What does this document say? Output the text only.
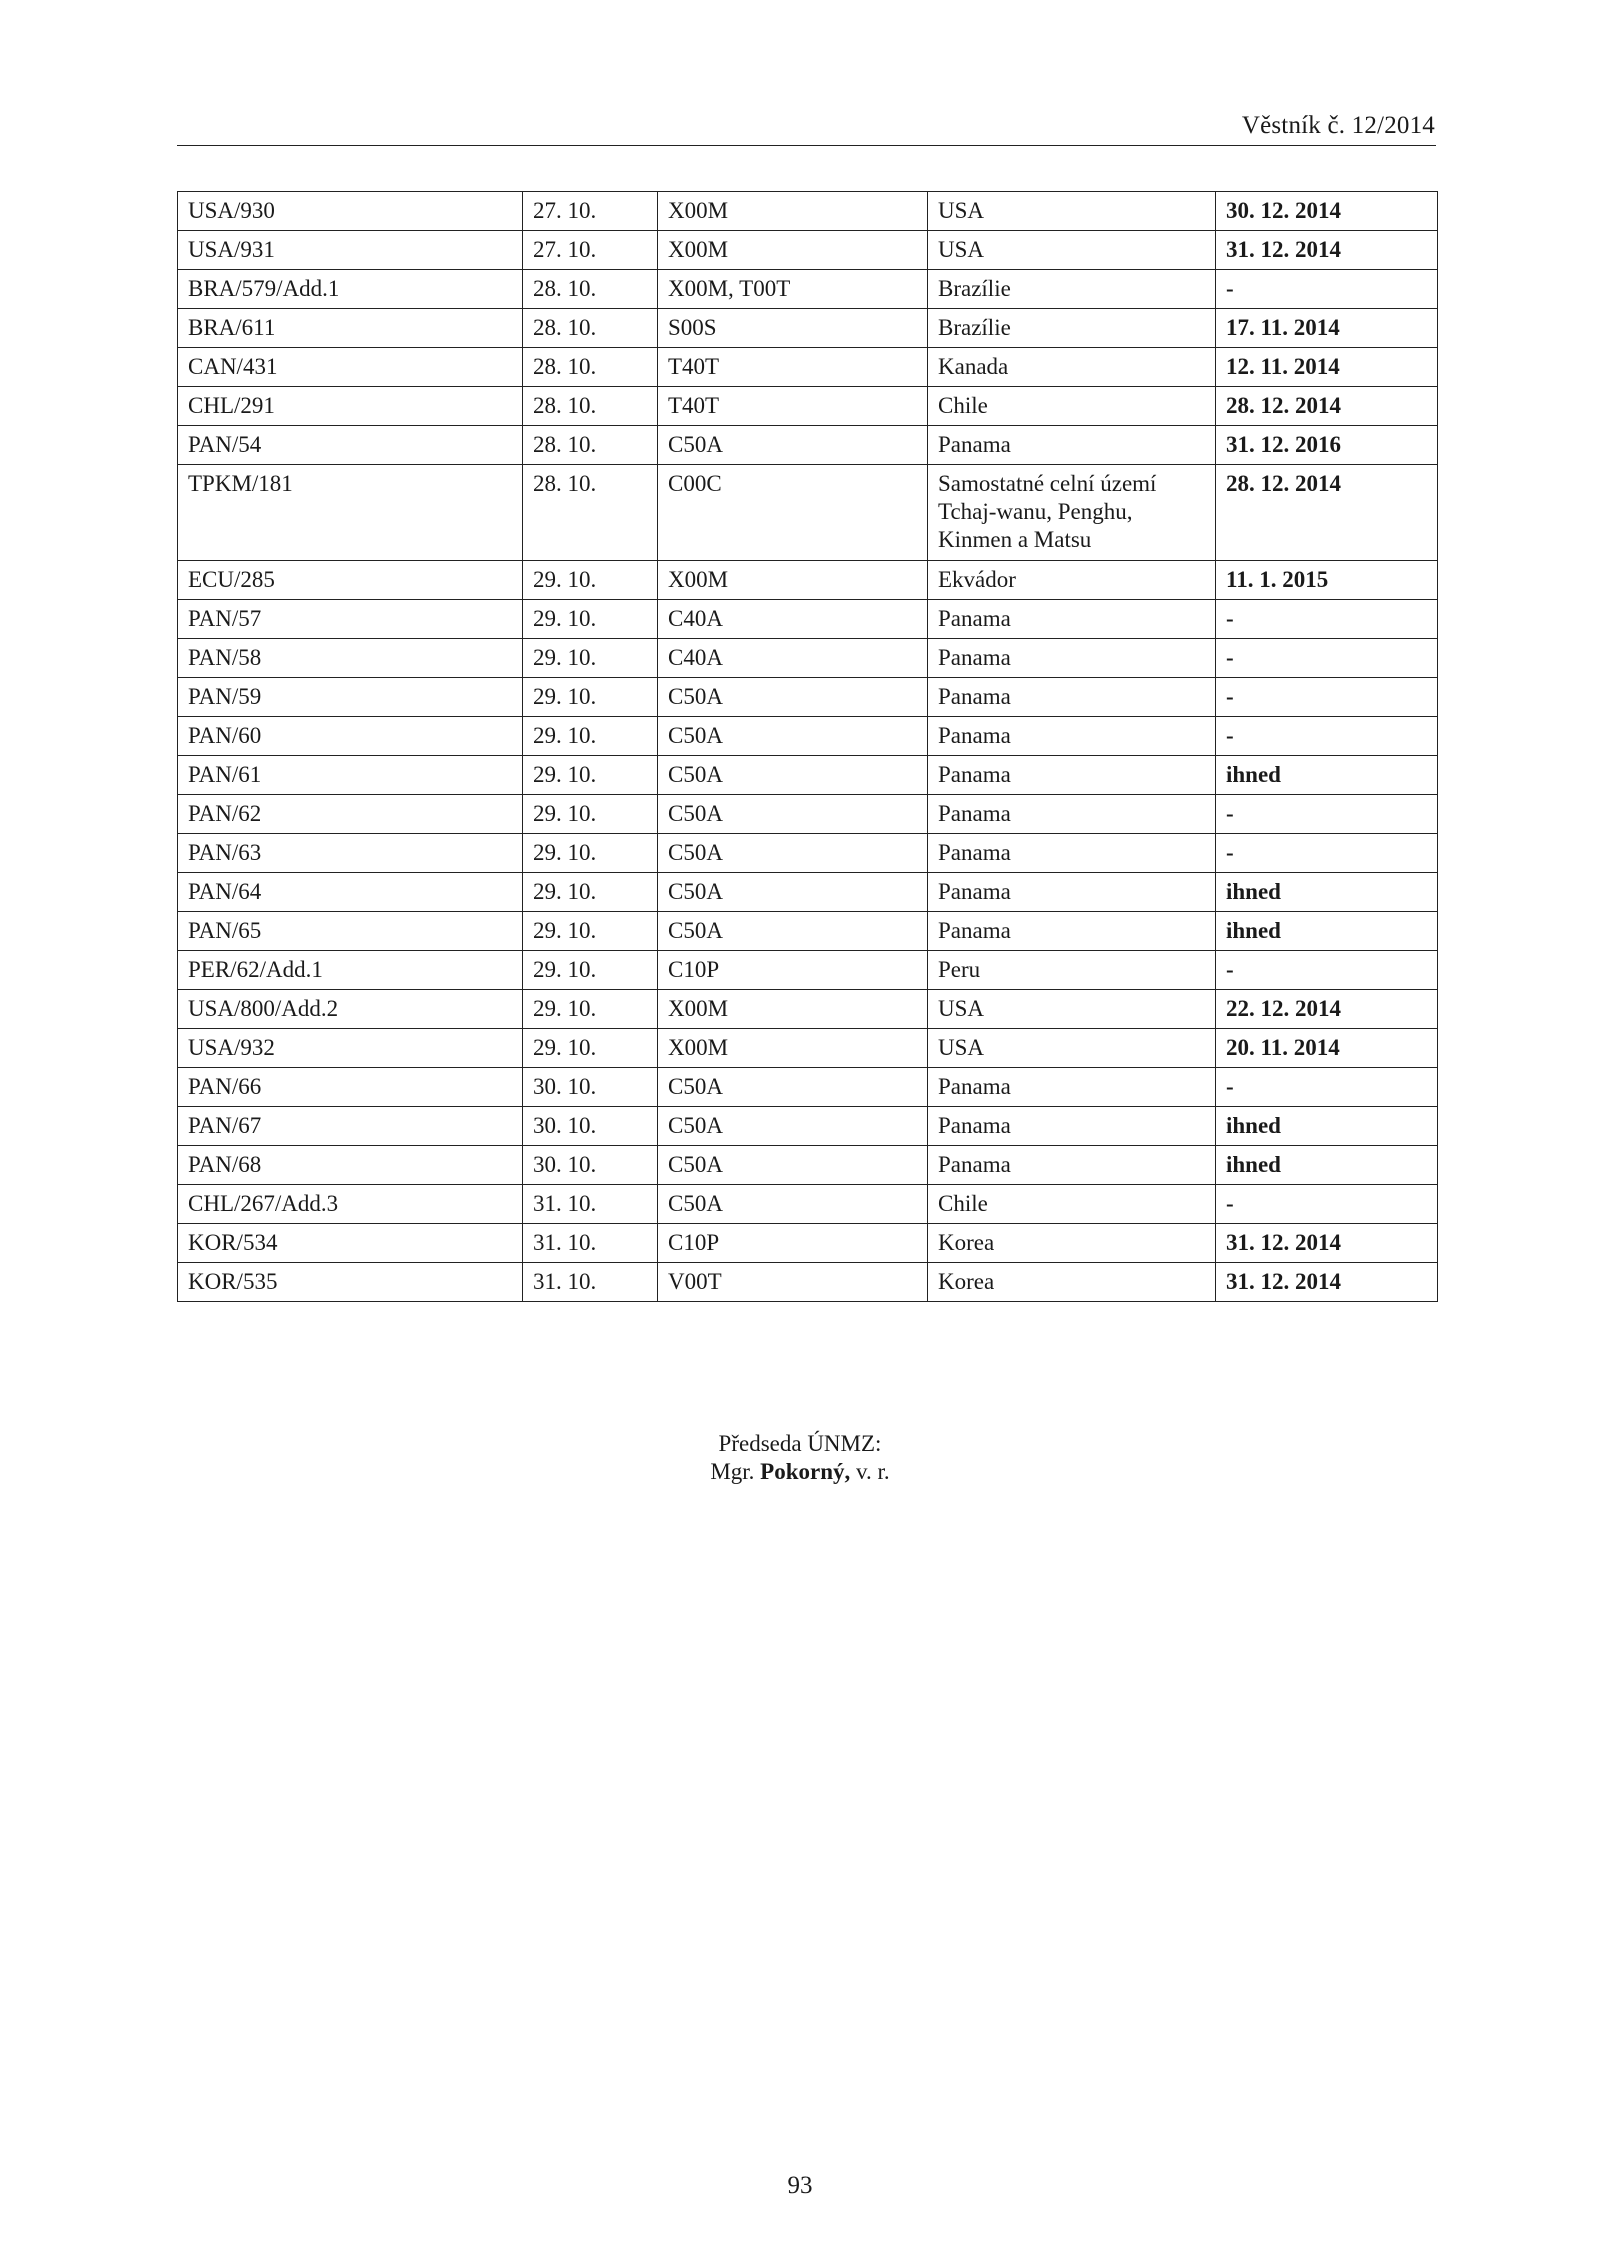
Věstník č. 12/2014
USA/930	27. 10.	X00M	USA	30. 12. 2014
USA/931	27. 10.	X00M	USA	31. 12. 2014
BRA/579/Add.1	28. 10.	X00M, T00T	Brazílie	-
BRA/611	28. 10.	S00S	Brazílie	17. 11. 2014
CAN/431	28. 10.	T40T	Kanada	12. 11. 2014
CHL/291	28. 10.	T40T	Chile	28. 12. 2014
PAN/54	28. 10.	C50A	Panama	31. 12. 2016
TPKM/181	28. 10.	C00C	Samostatné celní území Tchaj-wanu, Penghu, Kinmen a Matsu	28. 12. 2014
ECU/285	29. 10.	X00M	Ekvádor	11. 1. 2015
PAN/57	29. 10.	C40A	Panama	-
PAN/58	29. 10.	C40A	Panama	-
PAN/59	29. 10.	C50A	Panama	-
PAN/60	29. 10.	C50A	Panama	-
PAN/61	29. 10.	C50A	Panama	ihned
PAN/62	29. 10.	C50A	Panama	-
PAN/63	29. 10.	C50A	Panama	-
PAN/64	29. 10.	C50A	Panama	ihned
PAN/65	29. 10.	C50A	Panama	ihned
PER/62/Add.1	29. 10.	C10P	Peru	-
USA/800/Add.2	29. 10.	X00M	USA	22. 12. 2014
USA/932	29. 10.	X00M	USA	20. 11. 2014
PAN/66	30. 10.	C50A	Panama	-
PAN/67	30. 10.	C50A	Panama	ihned
PAN/68	30. 10.	C50A	Panama	ihned
CHL/267/Add.3	31. 10.	C50A	Chile	-
KOR/534	31. 10.	C10P	Korea	31. 12. 2014
KOR/535	31. 10.	V00T	Korea	31. 12. 2014
Předseda ÚNMZ:
Mgr. Pokorný, v. r.
93
